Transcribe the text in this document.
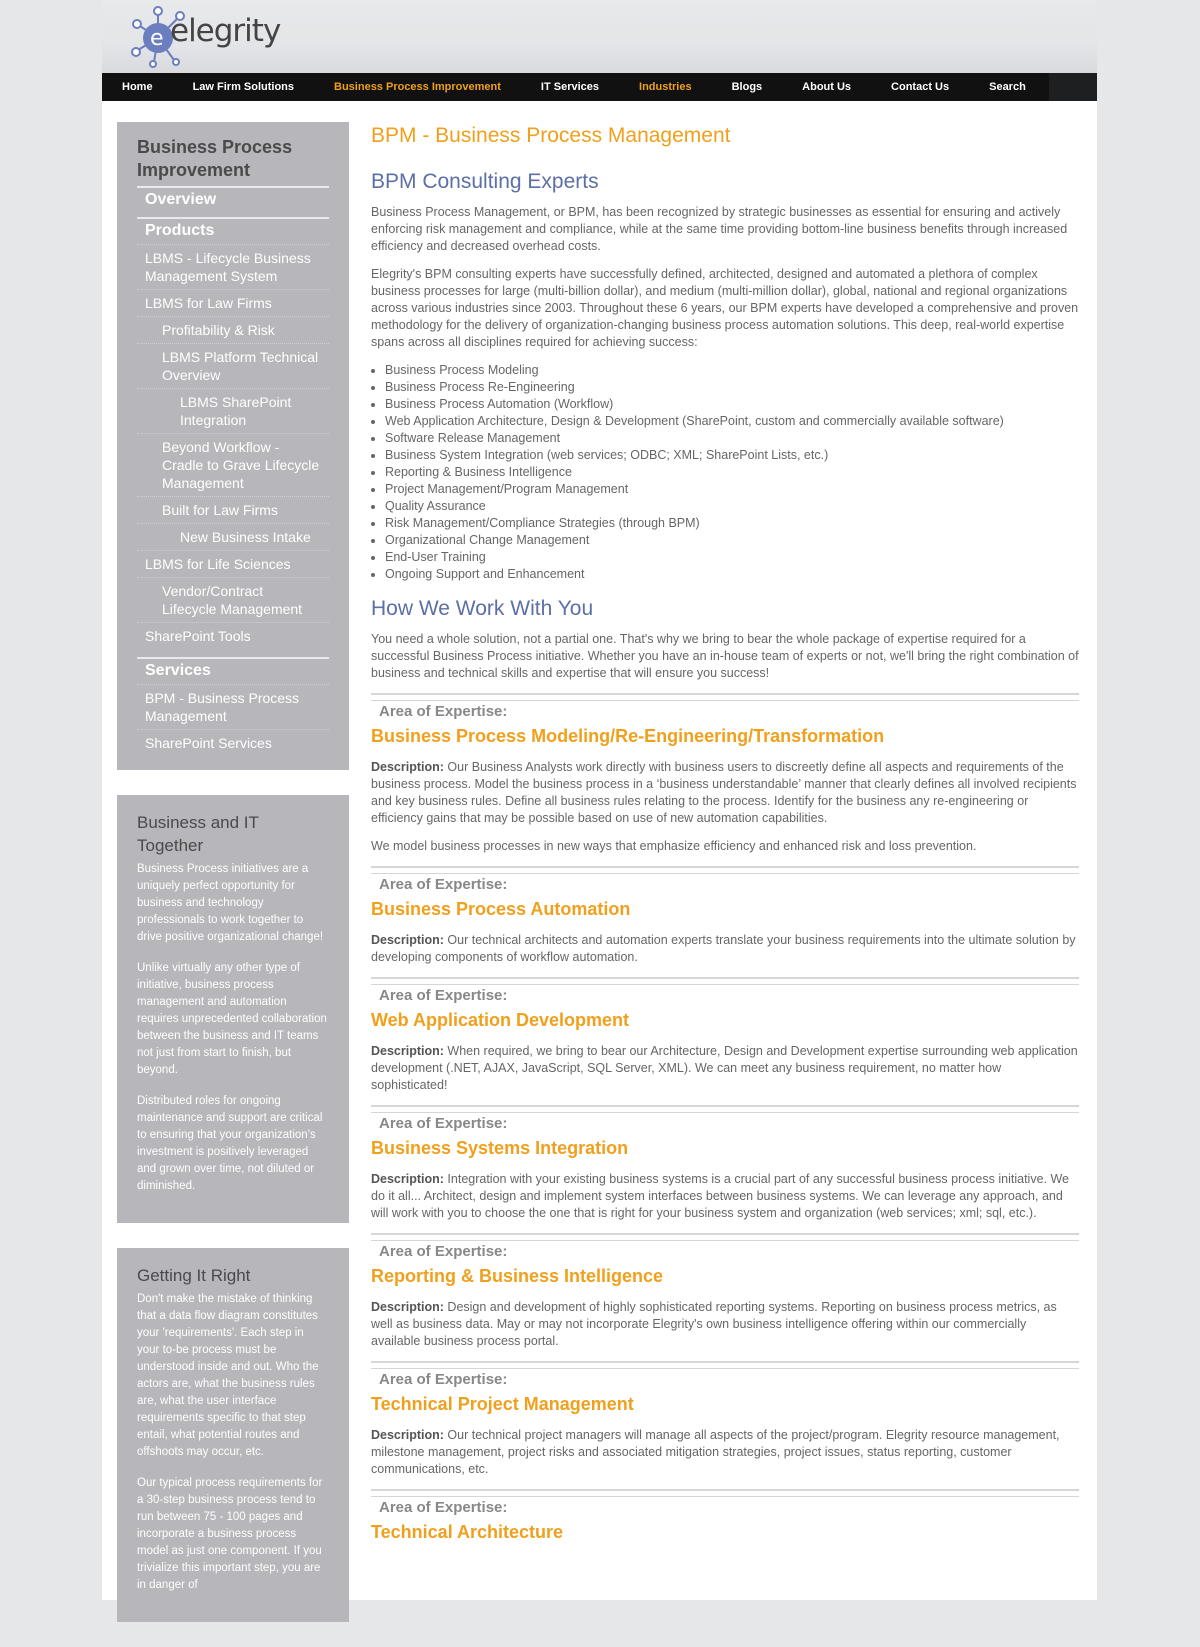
e elegrity
Home	Law Firm Solutions	Business Process Improvement	IT Services	Industries	Blogs	About Us	Contact Us	Search
Business Process Improvement
Overview
Products
LBMS - Lifecycle Business Management System
LBMS for Law Firms
Profitability & Risk
LBMS Platform Technical Overview
LBMS SharePoint Integration
Beyond Workflow - Cradle to Grave Lifecycle Management
Built for Law Firms
New Business Intake
LBMS for Life Sciences
Vendor/Contract Lifecycle Management
SharePoint Tools
Services
BPM - Business Process Management
SharePoint Services
Business and IT Together

Business Process initiatives are a uniquely perfect opportunity for business and technology professionals to work together to drive positive organizational change!

Unlike virtually any other type of initiative, business process management and automation requires unprecedented collaboration between the business and IT teams not just from start to finish, but beyond.

Distributed roles for ongoing maintenance and support are critical to ensuring that your organization's investment is positively leveraged and grown over time, not diluted or diminished.

Getting It Right

Don't make the mistake of thinking that a data flow diagram constitutes your 'requirements'. Each step in your to-be process must be understood inside and out. Who the actors are, what the business rules are, what the user interface requirements specific to that step entail, what potential routes and offshoots may occur, etc.

Our typical process requirements for a 30-step business process tend to run between 75 - 100 pages and incorporate a business process model as just one component. If you trivialize this important step, you are in danger of

BPM - Business Process Management
BPM Consulting Experts

Business Process Management, or BPM, has been recognized by strategic businesses as essential for ensuring and actively enforcing risk management and compliance, while at the same time providing bottom-line business benefits through increased efficiency and decreased overhead costs.

Elegrity's BPM consulting experts have successfully defined, architected, designed and automated a plethora of complex business processes for large (multi-billion dollar), and medium (multi-million dollar), global, national and regional organizations across various industries since 2003. Throughout these 6 years, our BPM experts have developed a comprehensive and proven methodology for the delivery of organization-changing business process automation solutions. This deep, real-world expertise spans across all disciplines required for achieving success:

• Business Process Modeling
• Business Process Re-Engineering
• Business Process Automation (Workflow)
• Web Application Architecture, Design & Development (SharePoint, custom and commercially available software)
• Software Release Management
• Business System Integration (web services; ODBC; XML; SharePoint Lists, etc.)
• Reporting & Business Intelligence
• Project Management/Program Management
• Quality Assurance
• Risk Management/Compliance Strategies (through BPM)
• Organizational Change Management
• End-User Training
• Ongoing Support and Enhancement
How We Work With You

You need a whole solution, not a partial one. That's why we bring to bear the whole package of expertise required for a successful Business Process initiative. Whether you have an in-house team of experts or not, we'll bring the right combination of business and technical skills and expertise that will ensure you success!

Area of Expertise:
Business Process Modeling/Re-Engineering/Transformation

Description: Our Business Analysts work directly with business users to discreetly define all aspects and requirements of the business process. Model the business process in a ‘business understandable’ manner that clearly defines all involved recipients and key business rules. Define all business rules relating to the process. Identify for the business any re-engineering or efficiency gains that may be possible based on use of new automation capabilities.

We model business processes in new ways that emphasize efficiency and enhanced risk and loss prevention.

Area of Expertise:
Business Process Automation

Description: Our technical architects and automation experts translate your business requirements into the ultimate solution by developing components of workflow automation.

Area of Expertise:
Web Application Development

Description: When required, we bring to bear our Architecture, Design and Development expertise surrounding web application development (.NET, AJAX, JavaScript, SQL Server, XML). We can meet any business requirement, no matter how sophisticated!

Area of Expertise:
Business Systems Integration

Description: Integration with your existing business systems is a crucial part of any successful business process initiative. We do it all... Architect, design and implement system interfaces between business systems. We can leverage any approach, and will work with you to choose the one that is right for your business system and organization (web services; xml; sql, etc.).

Area of Expertise:
Reporting & Business Intelligence

Description: Design and development of highly sophisticated reporting systems. Reporting on business process metrics, as well as business data. May or may not incorporate Elegrity's own business intelligence offering within our commercially available business process portal.

Area of Expertise:
Technical Project Management

Description: Our technical project managers will manage all aspects of the project/program. Elegrity resource management, milestone management, project risks and associated mitigation strategies, project issues, status reporting, customer communications, etc.

Area of Expertise:
Technical Architecture
